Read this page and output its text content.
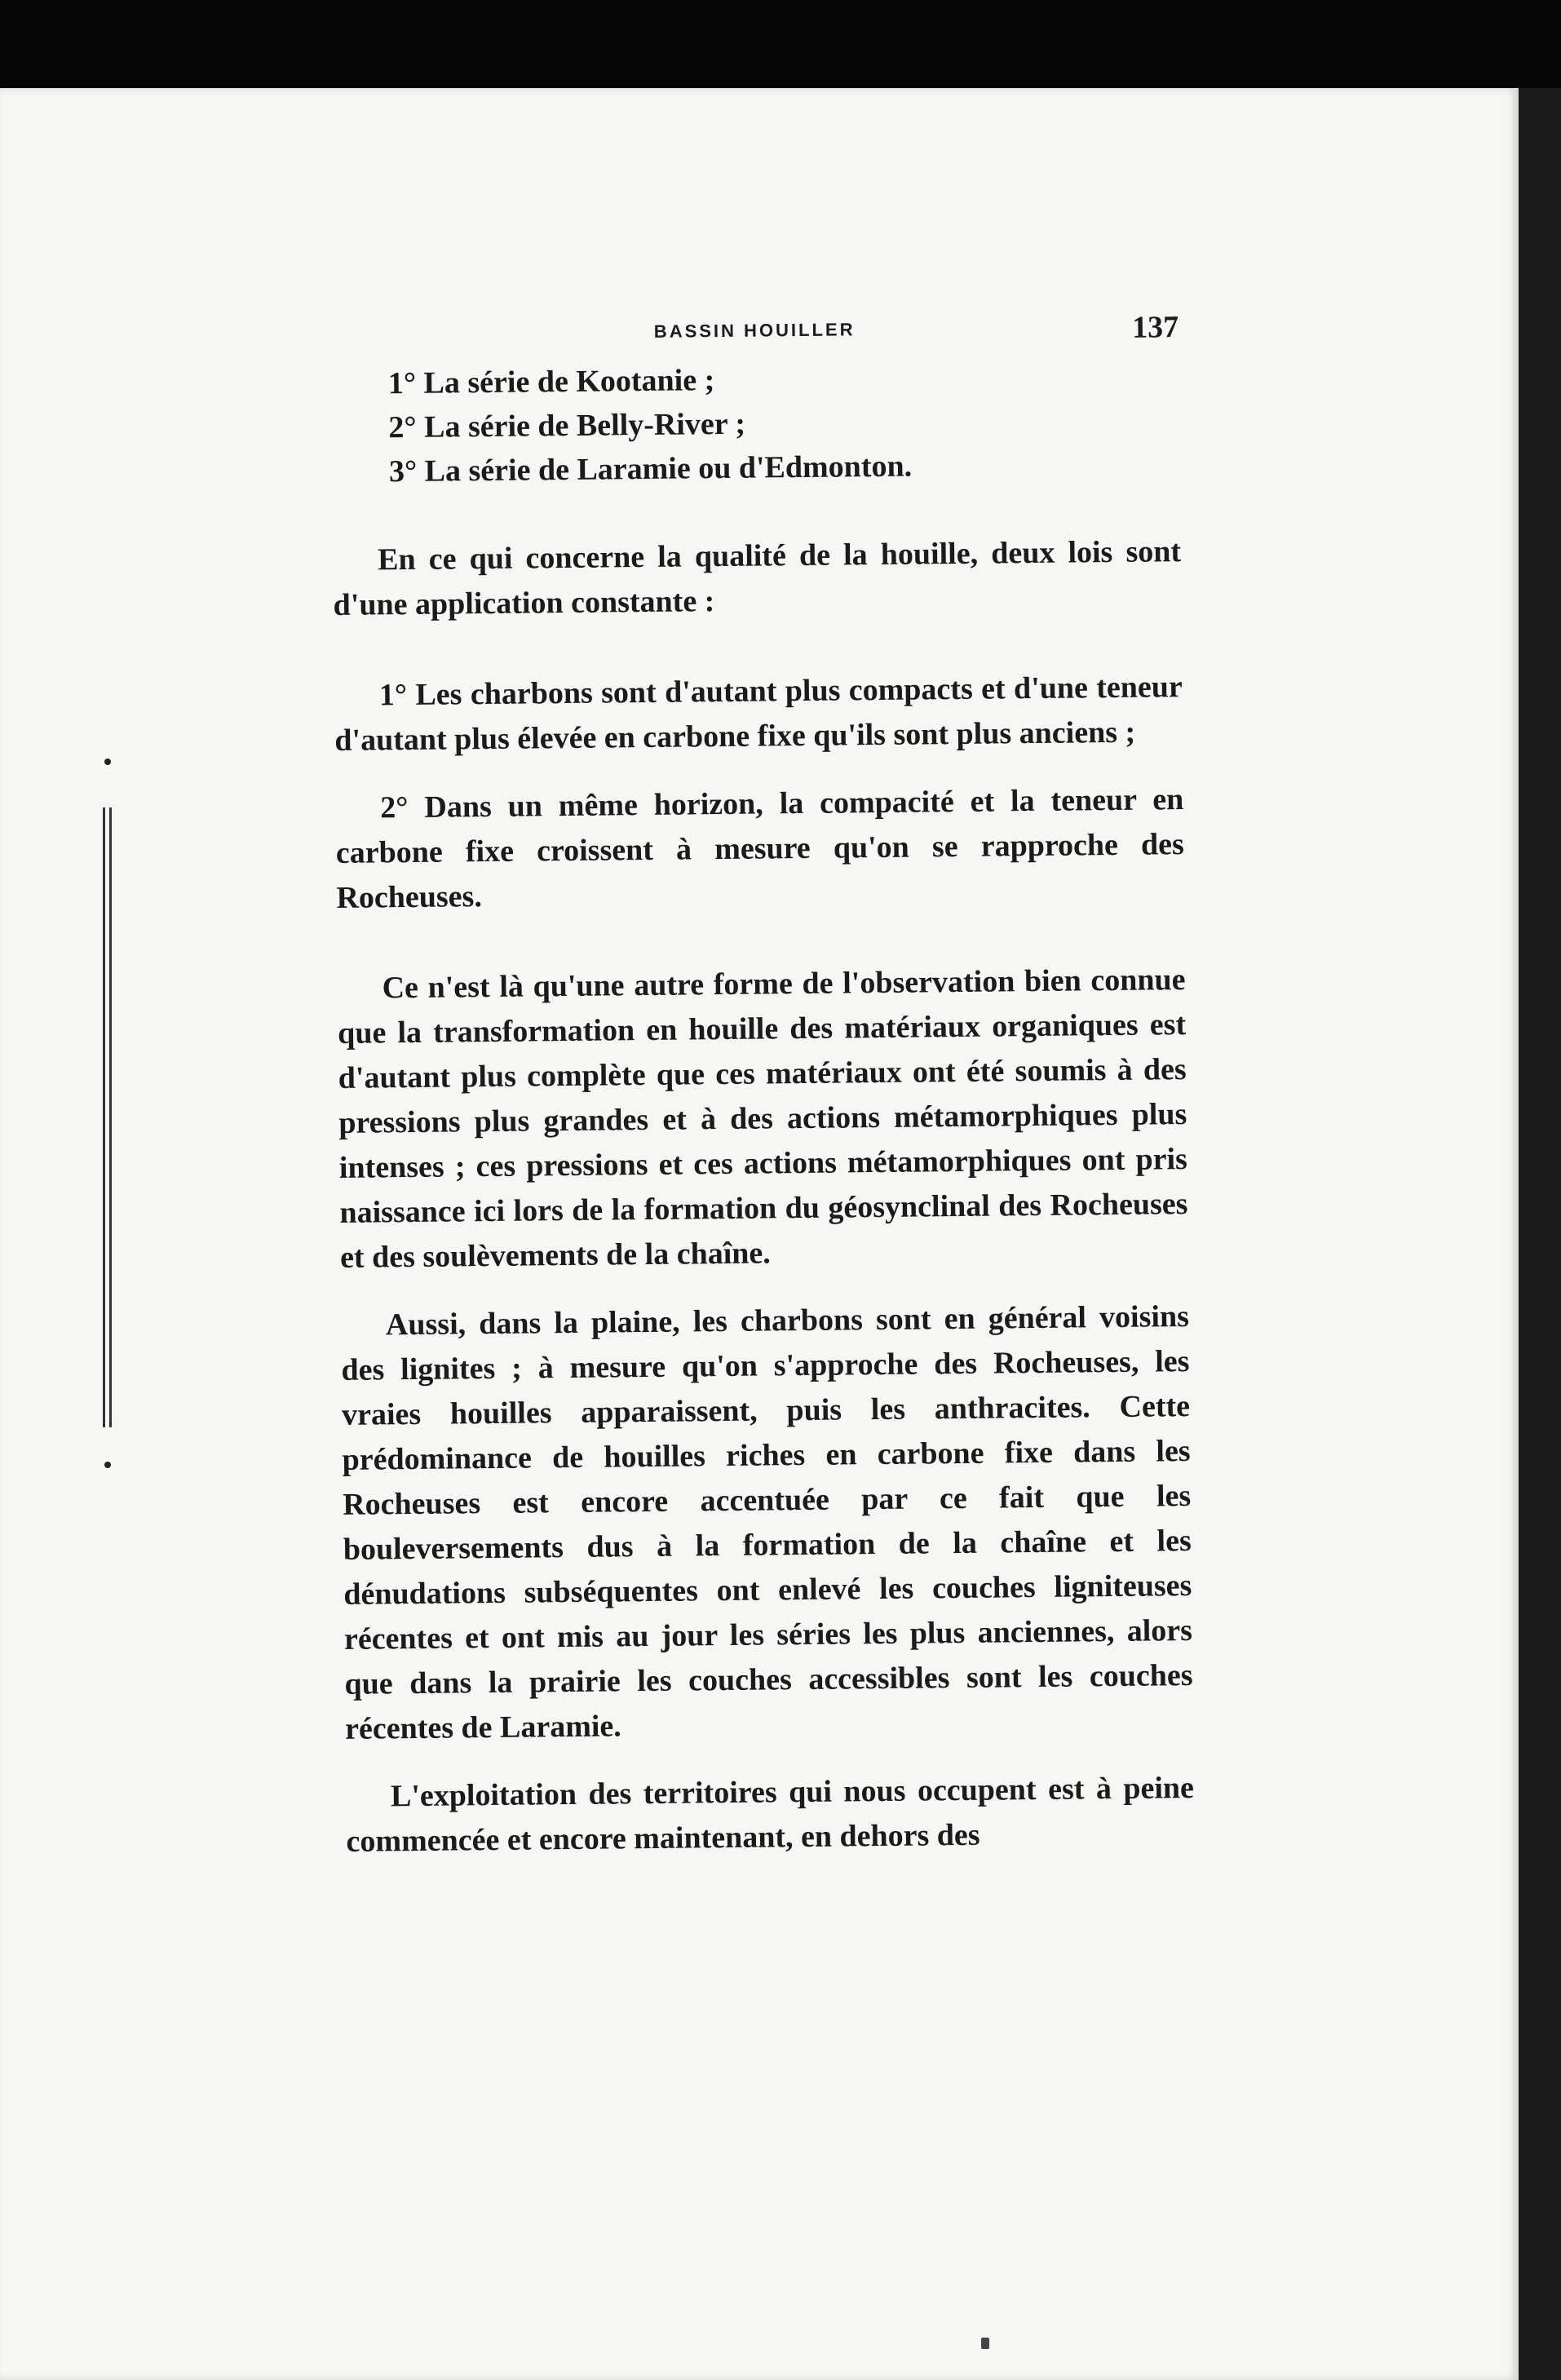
BASSIN HOUILLER	137
1° La série de Kootanie ;
2° La série de Belly-River ;
3° La série de Laramie ou d'Edmonton.

En ce qui concerne la qualité de la houille, deux lois sont d'une application constante :

1° Les charbons sont d'autant plus compacts et d'une teneur d'autant plus élevée en carbone fixe qu'ils sont plus anciens ;

2° Dans un même horizon, la compacité et la teneur en carbone fixe croissent à mesure qu'on se rapproche des Rocheuses.

Ce n'est là qu'une autre forme de l'observation bien connue que la transformation en houille des matériaux organiques est d'autant plus complète que ces matériaux ont été soumis à des pressions plus grandes et à des actions métamorphiques plus intenses ; ces pressions et ces actions métamorphiques ont pris naissance ici lors de la formation du géosynclinal des Rocheuses et des soulèvements de la chaîne.

Aussi, dans la plaine, les charbons sont en général voisins des lignites ; à mesure qu'on s'approche des Rocheuses, les vraies houilles apparaissent, puis les anthracites. Cette prédominance de houilles riches en carbone fixe dans les Rocheuses est encore accentuée par ce fait que les bouleversements dus à la formation de la chaîne et les dénudations subséquentes ont enlevé les couches ligniteuses récentes et ont mis au jour les séries les plus anciennes, alors que dans la prairie les couches accessibles sont les couches récentes de Laramie.

L'exploitation des territoires qui nous occupent est à peine commencée et encore maintenant, en dehors des
